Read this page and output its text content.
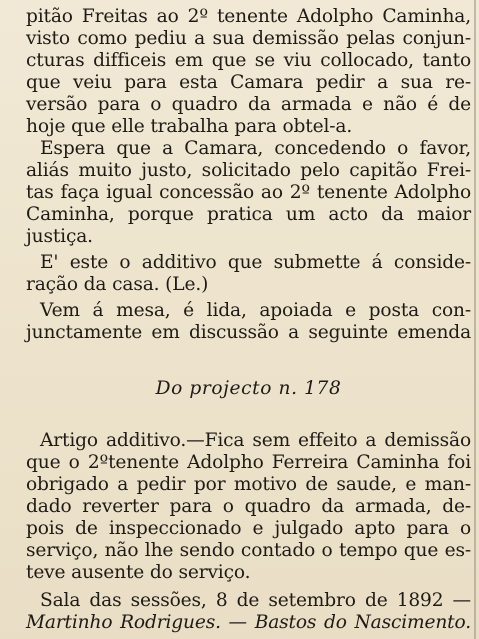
pitão Freitas ao 2º tenente Adolpho Caminha,
visto como pediu a sua demissão pelas conjun-
cturas difficeis em que se viu collocado, tanto
que veiu para esta Camara pedir a sua re-
versão para o quadro da armada e não é de
hoje que elle trabalha para obtel-a.
Espera que a Camara, concedendo o favor,
aliás muito justo, solicitado pelo capitão Frei-
tas faça igual concessão ao 2º tenente Adolpho
Caminha, porque pratica um acto da maior
justiça.
E' este o additivo que submette á conside-
ração da casa. (Le.)
Vem á mesa, é lida, apoiada e posta con-
junctamente em discussão a seguinte emenda
Do projecto n. 178
Artigo additivo.—Fica sem effeito a demissão
que o 2ºtenente Adolpho Ferreira Caminha foi
obrigado a pedir por motivo de saude, e man-
dado reverter para o quadro da armada, de-
pois de inspeccionado e julgado apto para o
serviço, não lhe sendo contado o tempo que es-
teve ausente do serviço.
Sala das sessões, 8 de setembro de 1892 —
Martinho Rodrigues. — Bastos do Nascimento.
